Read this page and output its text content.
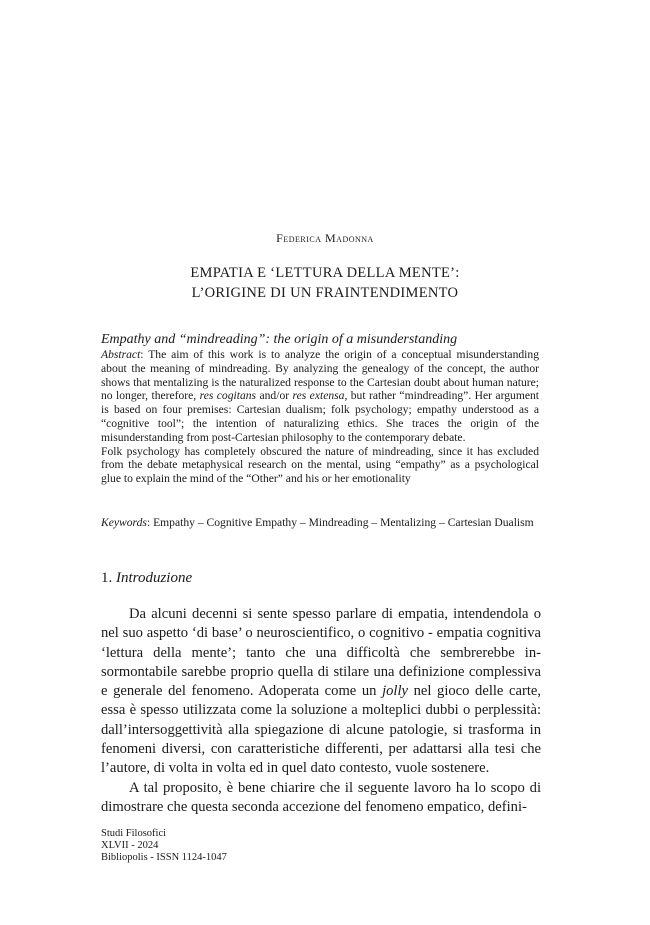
Federica Madonna
EMPATIA E ‘LETTURA DELLA MENTE’:
L’ORIGINE DI UN FRAINTENDIMENTO
Empathy and “mindreading”: the origin of a misunderstanding

Abstract: The aim of this work is to analyze the origin of a conceptual misunderstanding about the meaning of mindreading. By analyzing the genealogy of the concept, the author shows that mentalizing is the naturalized response to the Cartesian doubt about human nature; no longer, therefore, res cogitans and/or res extensa, but rather “mindreading”. Her argument is based on four premises: Cartesian dualism; folk psychology; empathy understood as a “cognitive tool”; the intention of naturalizing ethics. She traces the origin of the misunderstanding from post-Cartesian philosophy to the contemporary debate.

Folk psychology has completely obscured the nature of mindreading, since it has excluded from the debate metaphysical research on the mental, using “empathy” as a psychological glue to explain the mind of the “Other” and his or her emotionality

Keywords: Empathy – Cognitive Empathy – Mindreading – Mentalizing – Cartesian Dualism

1. Introduzione

Da alcuni decenni si sente spesso parlare di empatia, intendendola o nel suo aspetto ‘di base’ o neuroscientifico, o cognitivo - empatia cognitiva ‘lettura della mente’; tanto che una difficoltà che sembrerebbe insormontabile sarebbe proprio quella di stilare una definizione complessiva e generale del fenomeno. Adoperata come un jolly nel gioco delle carte, essa è spesso utilizzata come la soluzione a molteplici dubbi o perplessità: dall’intersoggettività alla spiegazione di alcune patologie, si trasforma in fenomeni diversi, con caratteristiche differenti, per adattarsi alla tesi che l’autore, di volta in volta ed in quel dato contesto, vuole sostenere.

A tal proposito, è bene chiarire che il seguente lavoro ha lo scopo di dimostrare che questa seconda accezione del fenomeno empatico, defini-

Studi Filosofici
XLVII - 2024
Bibliopolis - ISSN 1124-1047
